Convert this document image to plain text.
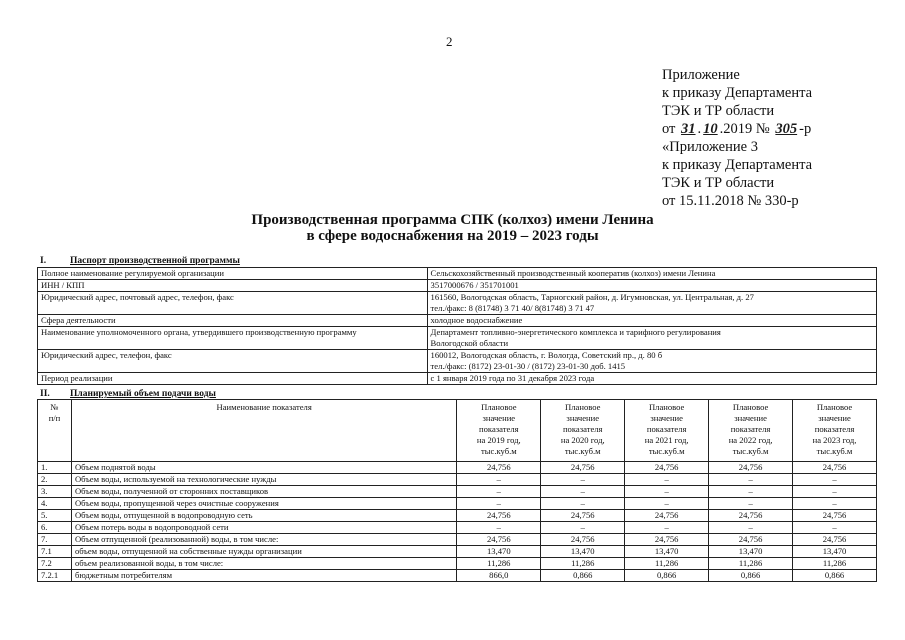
2
Приложение
к приказу Департамента
ТЭК и ТР области
от 31 . 10 .2019 № 305 -р
«Приложение 3
к приказу Департамента
ТЭК и ТР области
от 15.11.2018 № 330-р
Производственная программа СПК (колхоз) имени Ленина
в сфере водоснабжения на 2019 – 2023 годы
I.	Паспорт производственной программы
Полное наименование регулируемой организации	Сельскохозяйственный производственный кооператив (колхоз) имени Ленина

ИНН / КПП	3517000676 / 351701001

Юридический адрес, почтовый адрес, телефон, факс	161560, Вологодская область, Тарногский район, д. Игумновская, ул. Центральная, д. 27
тел./факс: 8 (81748) 3 71 40/ 8(81748) 3 71 47

Сфера деятельности	холодное водоснабжение

Наименование уполномоченного органа, утвердившего производственную программу	Департамент топливно-энергетического комплекса и тарифного регулирования
Вологодской области

Юридический адрес, телефон, факс	160012, Вологодская область, г. Вологда, Советский пр., д. 80 б
тел./факс: (8172) 23-01-30 / (8172) 23-01-30 доб. 1415

Период реализации	с 1 января 2019 года по 31 декабря 2023 года
II. Планируемый объем подачи воды
№
п/п	Наименование показателя	Плановое
значение
показателя
на 2019 год,
тыс.куб.м	Плановое
значение
показателя
на 2020 год,
тыс.куб.м	Плановое
значение
показателя
на 2021 год,
тыс.куб.м	Плановое
значение
показателя
на 2022 год,
тыс.куб.м	Плановое
значение
показателя
на 2023 год,
тыс.куб.м
1.	Объем поднятой воды	24,756	24,756	24,756	24,756	24,756
2.	Объем воды, используемой на технологические нужды	–	–	–	–	–
3.	Объем воды, полученной от сторонних поставщиков	–	–	–	–	–
4.	Объем воды, пропущенной через очистные сооружения	–	–	–	–	–
5.	Объем воды, отпущенной в водопроводную сеть	24,756	24,756	24,756	24,756	24,756
6.	Объем потерь воды в водопроводной сети	–	–	–	–	–
7.	Объем отпущенной (реализованной) воды, в том числе:	24,756	24,756	24,756	24,756	24,756
7.1	объем воды, отпущенной на собственные нужды организации	13,470	13,470	13,470	13,470	13,470
7.2	объем реализованной воды, в том числе:	11,286	11,286	11,286	11,286	11,286
7.2.1	бюджетным потребителям	866,0	0,866	0,866	0,866	0,866
